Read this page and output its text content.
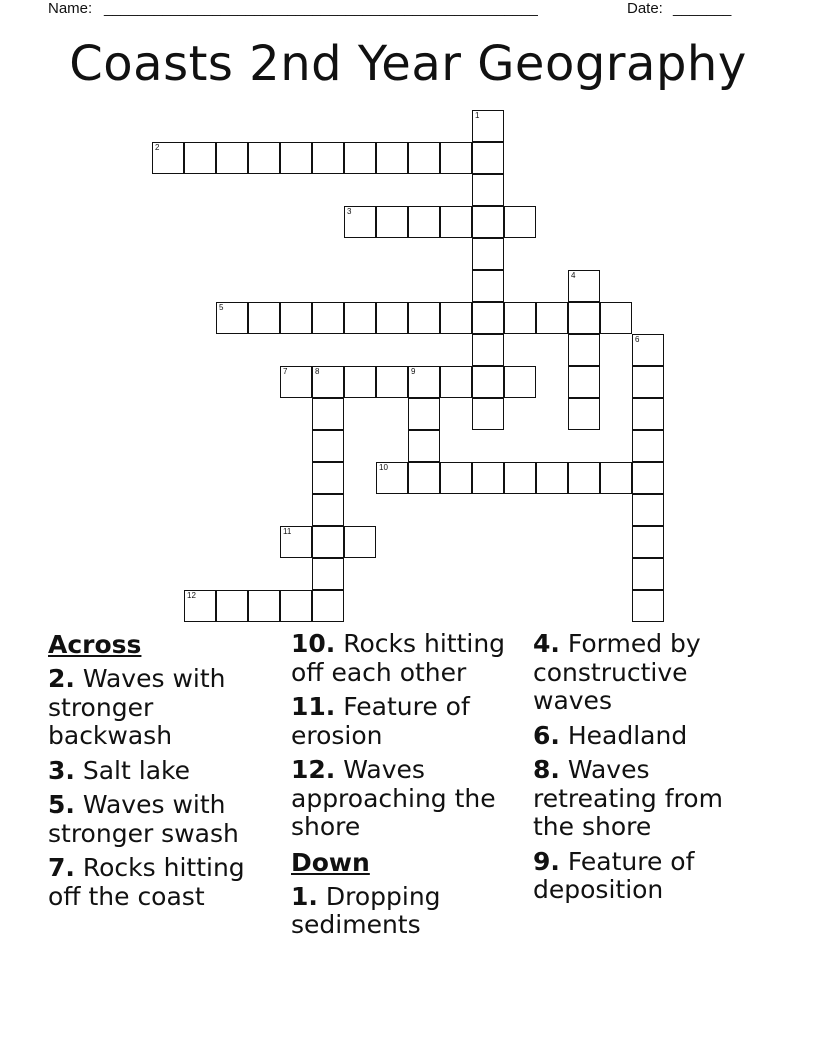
Name: ____________________________________________________	Date: _______
Coasts 2nd Year Geography
1
2
3
4
5
6
7	8	9
10
11
12
Across
2. Waves with stronger backwash
3. Salt lake
5. Waves with stronger swash
7. Rocks hitting off the coast
10. Rocks hitting off each other
11. Feature of erosion
12. Waves approaching the shore
Down
1. Dropping sediments
4. Formed by constructive waves
6. Headland
8. Waves retreating from the shore
9. Feature of deposition
